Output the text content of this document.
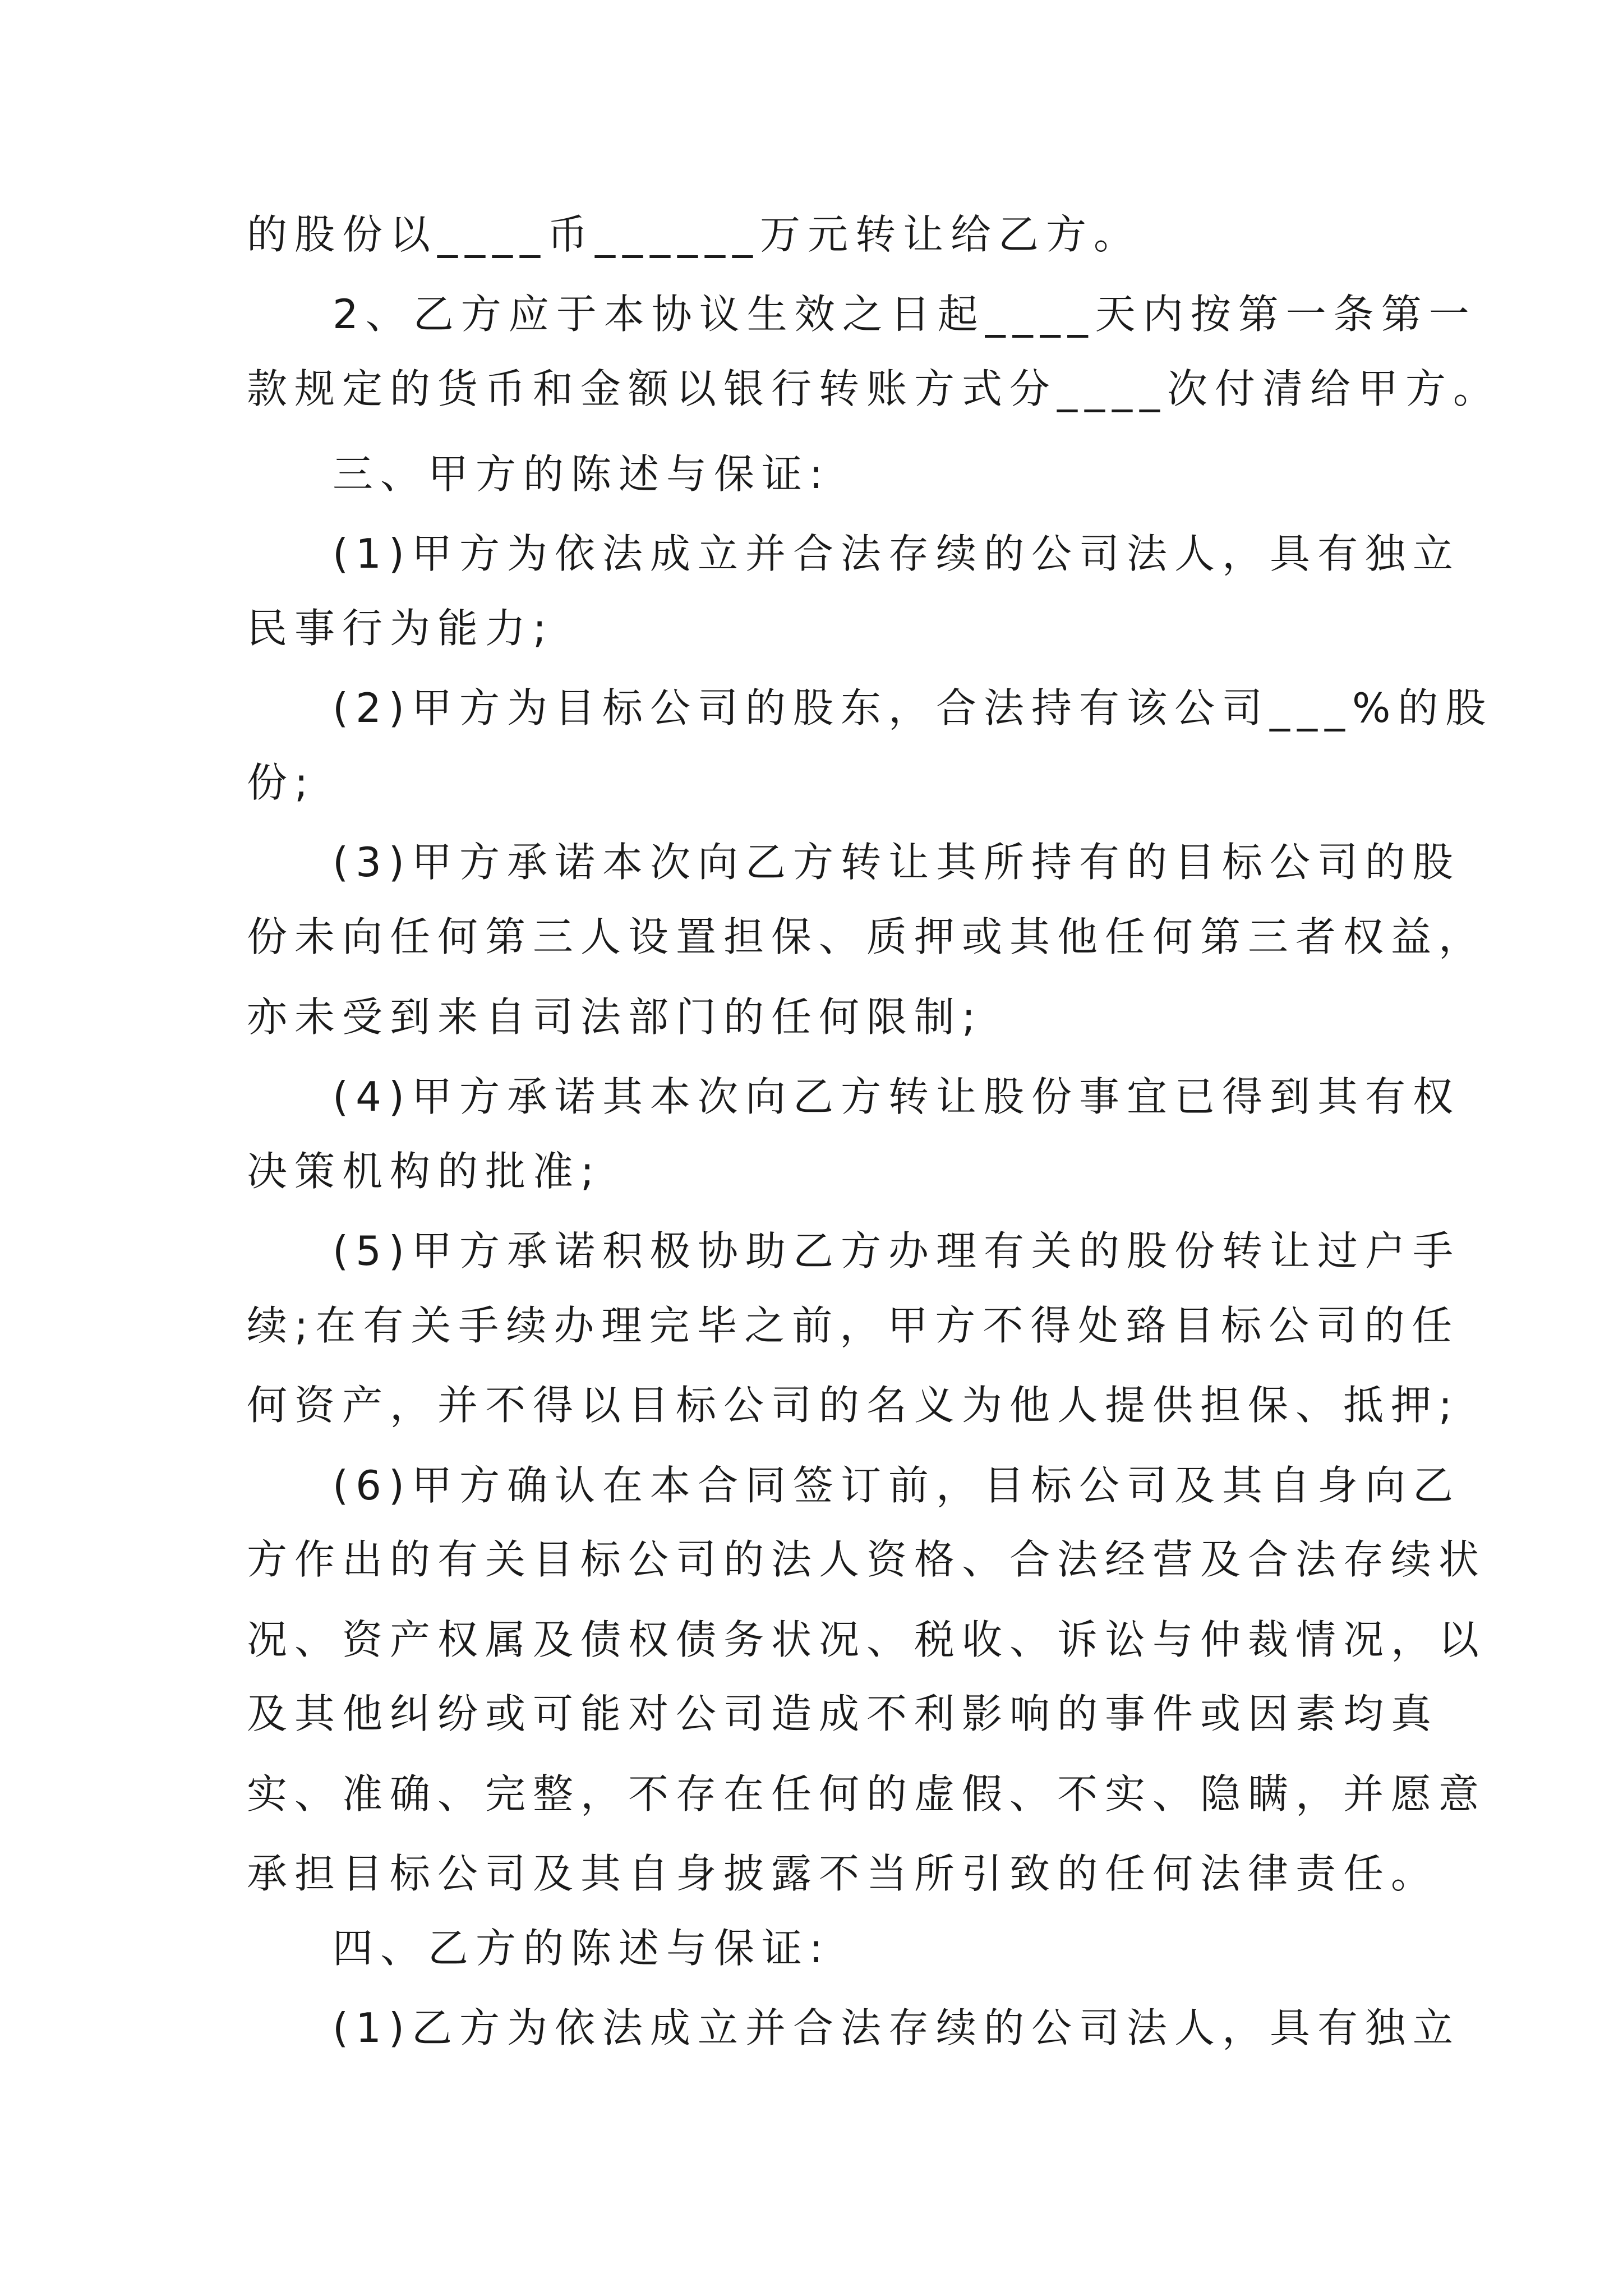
的股份以____币______万元转让给乙方。
2、乙方应于本协议生效之日起____天内按第一条第一
款规定的货币和金额以银行转账方式分____次付清给甲方。
三、甲方的陈述与保证:
(1)甲方为依法成立并合法存续的公司法人，具有独立
民事行为能力;
(2)甲方为目标公司的股东，合法持有该公司___%的股
份;
(3)甲方承诺本次向乙方转让其所持有的目标公司的股
份未向任何第三人设置担保、质押或其他任何第三者权益，
亦未受到来自司法部门的任何限制;
(4)甲方承诺其本次向乙方转让股份事宜已得到其有权
决策机构的批准;
(5)甲方承诺积极协助乙方办理有关的股份转让过户手
续;在有关手续办理完毕之前，甲方不得处臵目标公司的任
何资产，并不得以目标公司的名义为他人提供担保、抵押;
(6)甲方确认在本合同签订前，目标公司及其自身向乙
方作出的有关目标公司的法人资格、合法经营及合法存续状
况、资产权属及债权债务状况、税收、诉讼与仲裁情况，以
及其他纠纷或可能对公司造成不利影响的事件或因素均真
实、准确、完整，不存在任何的虚假、不实、隐瞒，并愿意
承担目标公司及其自身披露不当所引致的任何法律责任。
四、乙方的陈述与保证:
(1)乙方为依法成立并合法存续的公司法人，具有独立
